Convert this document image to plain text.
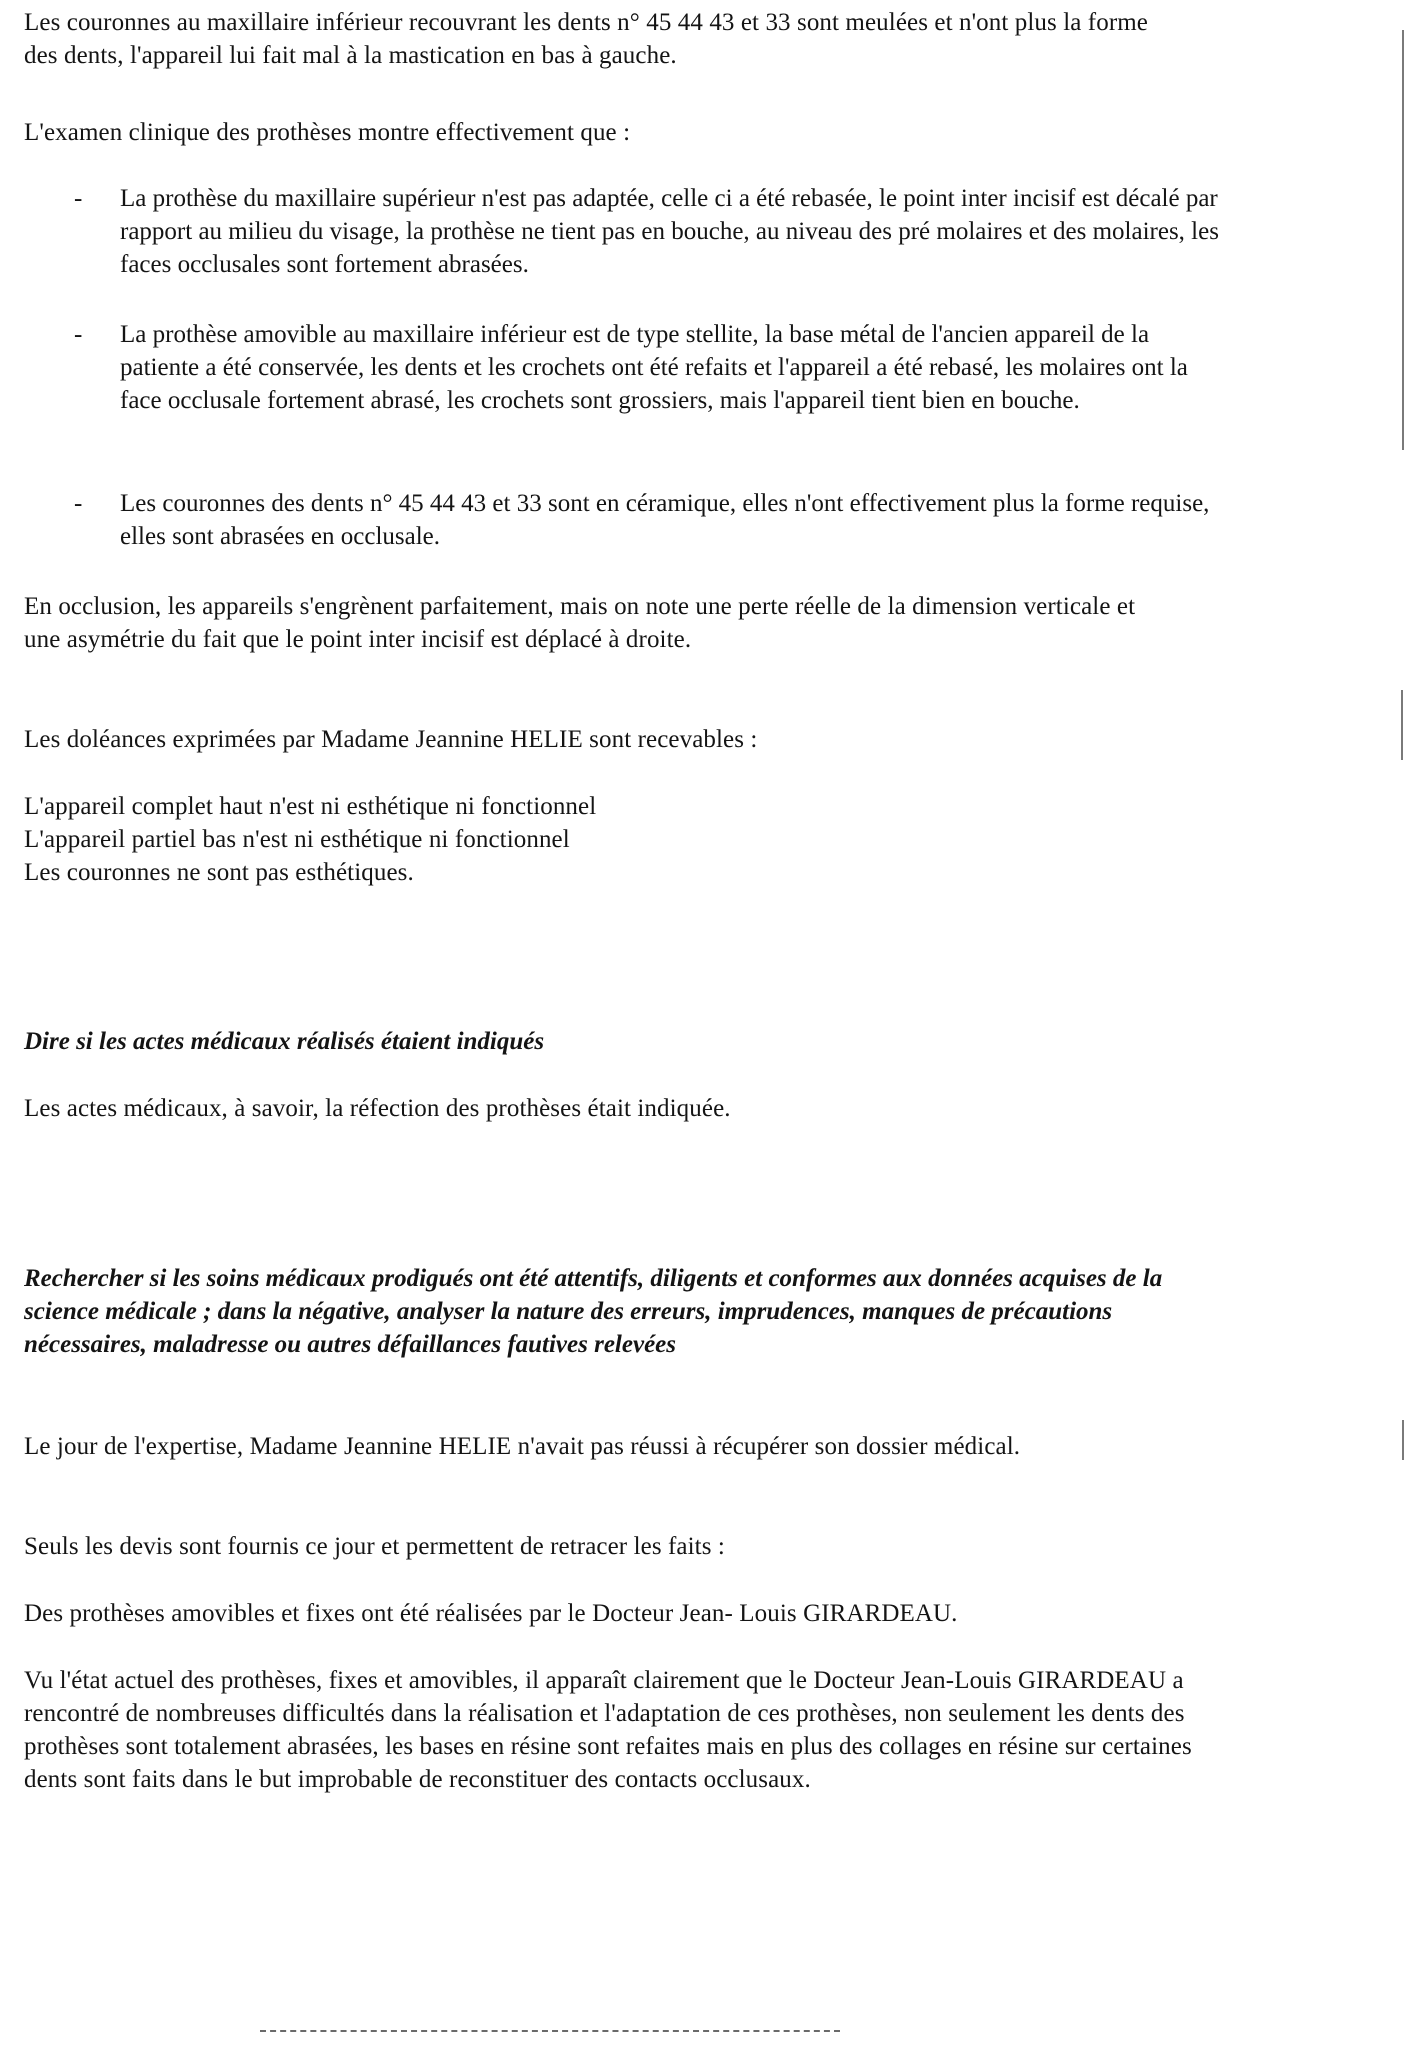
Les couronnes au maxillaire inférieur recouvrant les dents n° 45 44 43 et 33 sont meulées et n'ont plus la forme des dents, l'appareil lui fait mal à la mastication en bas à gauche.

L'examen clinique des prothèses montre effectivement que :

- La prothèse du maxillaire supérieur n'est pas adaptée, celle ci a été rebasée, le point inter incisif est décalé par rapport au milieu du visage, la prothèse ne tient pas en bouche, au niveau des pré molaires et des molaires, les faces occlusales sont fortement abrasées.

- La prothèse amovible au maxillaire inférieur est de type stellite, la base métal de l'ancien appareil de la patiente a été conservée, les dents et les crochets ont été refaits et l'appareil a été rebasé, les molaires ont la face occlusale fortement abrasé, les crochets sont grossiers, mais l'appareil tient bien en bouche.

- Les couronnes des dents n° 45 44 43 et 33 sont en céramique, elles n'ont effectivement plus la forme requise, elles sont abrasées en occlusale.

En occlusion, les appareils s'engrènent parfaitement, mais on note une perte réelle de la dimension verticale et une asymétrie du fait que le point inter incisif est déplacé à droite.

Les doléances exprimées par Madame Jeannine HELIE sont recevables :

L'appareil complet haut n'est ni esthétique ni fonctionnel

L'appareil partiel bas n'est ni esthétique ni fonctionnel

Les couronnes ne sont pas esthétiques.

Dire si les actes médicaux réalisés étaient indiqués

Les actes médicaux, à savoir, la réfection des prothèses était indiquée.

Rechercher si les soins médicaux prodigués ont été attentifs, diligents et conformes aux données acquises de la science médicale ; dans la négative, analyser la nature des erreurs, imprudences, manques de précautions nécessaires, maladresse ou autres défaillances fautives relevées

Le jour de l'expertise, Madame Jeannine HELIE n'avait pas réussi à récupérer son dossier médical.

Seuls les devis sont fournis ce jour et permettent de retracer les faits :

Des prothèses amovibles et fixes ont été réalisées par le Docteur Jean- Louis GIRARDEAU.

Vu l'état actuel des prothèses, fixes et amovibles, il apparaît clairement que le Docteur Jean-Louis GIRARDEAU a rencontré de nombreuses difficultés dans la réalisation et l'adaptation de ces prothèses, non seulement les dents des prothèses sont totalement abrasées, les bases en résine sont refaites mais en plus des collages en résine sur certaines dents sont faits dans le but improbable de reconstituer des contacts occlusaux.
